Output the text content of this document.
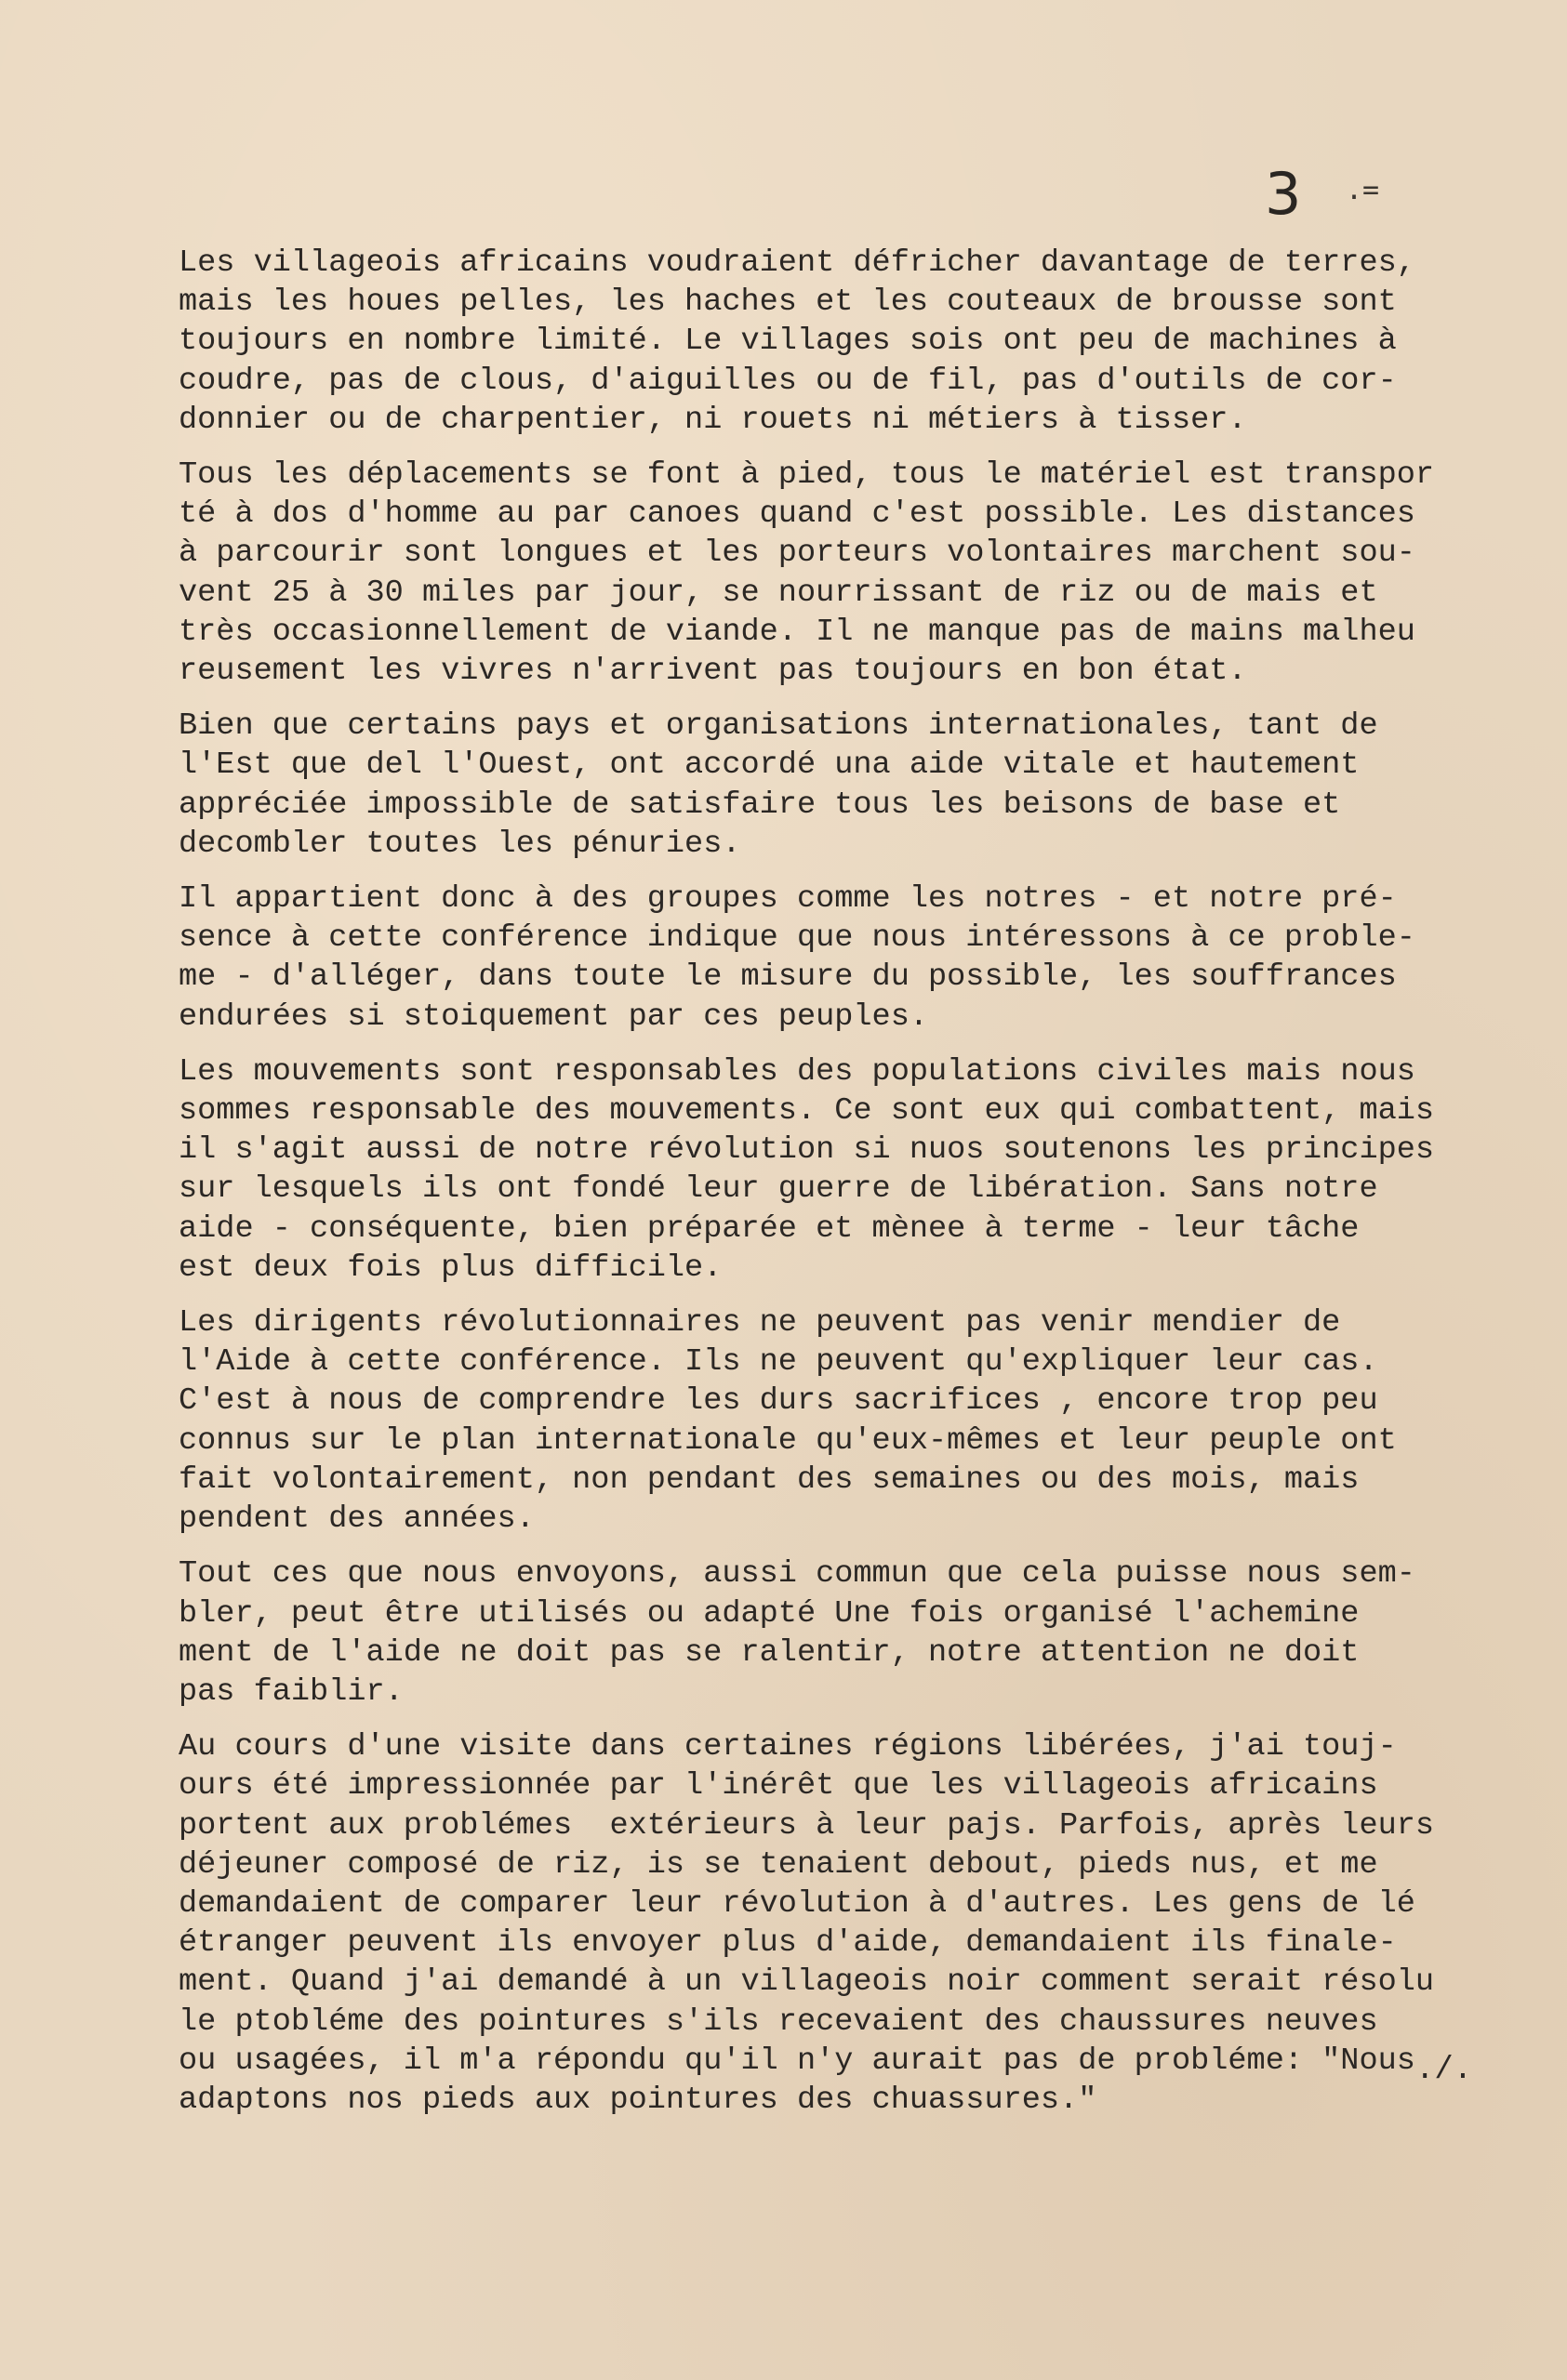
3 .=
Les villageois africains voudraient défricher davantage de terres,
mais les houes pelles, les haches et les couteaux de brousse sont
toujours en nombre limité. Le villages sois ont peu de machines à
coudre, pas de clous, d'aiguilles ou de fil, pas d'outils de cor-
donnier ou de charpentier, ni rouets ni métiers à tisser.
Tous les déplacements se font à pied, tous le matériel est transpor
té à dos d'homme au par canoes quand c'est possible. Les distances
à parcourir sont longues et les porteurs volontaires marchent sou-
vent 25 à 30 miles par jour, se nourrissant de riz ou de mais et
très occasionnellement de viande. Il ne manque pas de mains malheu
reusement les vivres n'arrivent pas toujours en bon état.
Bien que certains pays et organisations internationales, tant de
l'Est que del l'Ouest, ont accordé una aide vitale et hautement
appréciée impossible de satisfaire tous les beisons de base et
decombler toutes les pénuries.
Il appartient donc à des groupes comme les notres - et notre pré-
sence à cette conférence indique que nous intéressons à ce proble-
me - d'alléger, dans toute le misure du possible, les souffrances
endurées si stoiquement par ces peuples.
Les mouvements sont responsables des populations civiles mais nous
sommes responsable des mouvements. Ce sont eux qui combattent, mais
il s'agit aussi de notre révolution si nuos soutenons les principes
sur lesquels ils ont fondé leur guerre de libération. Sans notre
aide - conséquente, bien préparée et mènee à terme - leur tâche
est deux fois plus difficile.
Les dirigents révolutionnaires ne peuvent pas venir mendier de
l'Aide à cette conférence. Ils ne peuvent qu'expliquer leur cas.
C'est à nous de comprendre les durs sacrifices , encore trop peu
connus sur le plan internationale qu'eux-mêmes et leur peuple ont
fait volontairement, non pendant des semaines ou des mois, mais
pendent des années.
Tout ces que nous envoyons, aussi commun que cela puisse nous sem-
bler, peut être utilisés ou adapté Une fois organisé l'achemine
ment de l'aide ne doit pas se ralentir, notre attention ne doit
pas faiblir.
Au cours d'une visite dans certaines régions libérées, j'ai touj-
ours été impressionnée par l'inérêt que les villageois africains
portent aux problémes  extérieurs à leur pajs. Parfois, après leurs
déjeuner composé de riz, is se tenaient debout, pieds nus, et me
demandaient de comparer leur révolution à d'autres. Les gens de lé
étranger peuvent ils envoyer plus d'aide, demandaient ils finale-
ment. Quand j'ai demandé à un villageois noir comment serait résolu
le ptobléme des pointures s'ils recevaient des chaussures neuves
ou usagées, il m'a répondu qu'il n'y aurait pas de probléme: "Nous
adaptons nos pieds aux pointures des chuassures."
./.
